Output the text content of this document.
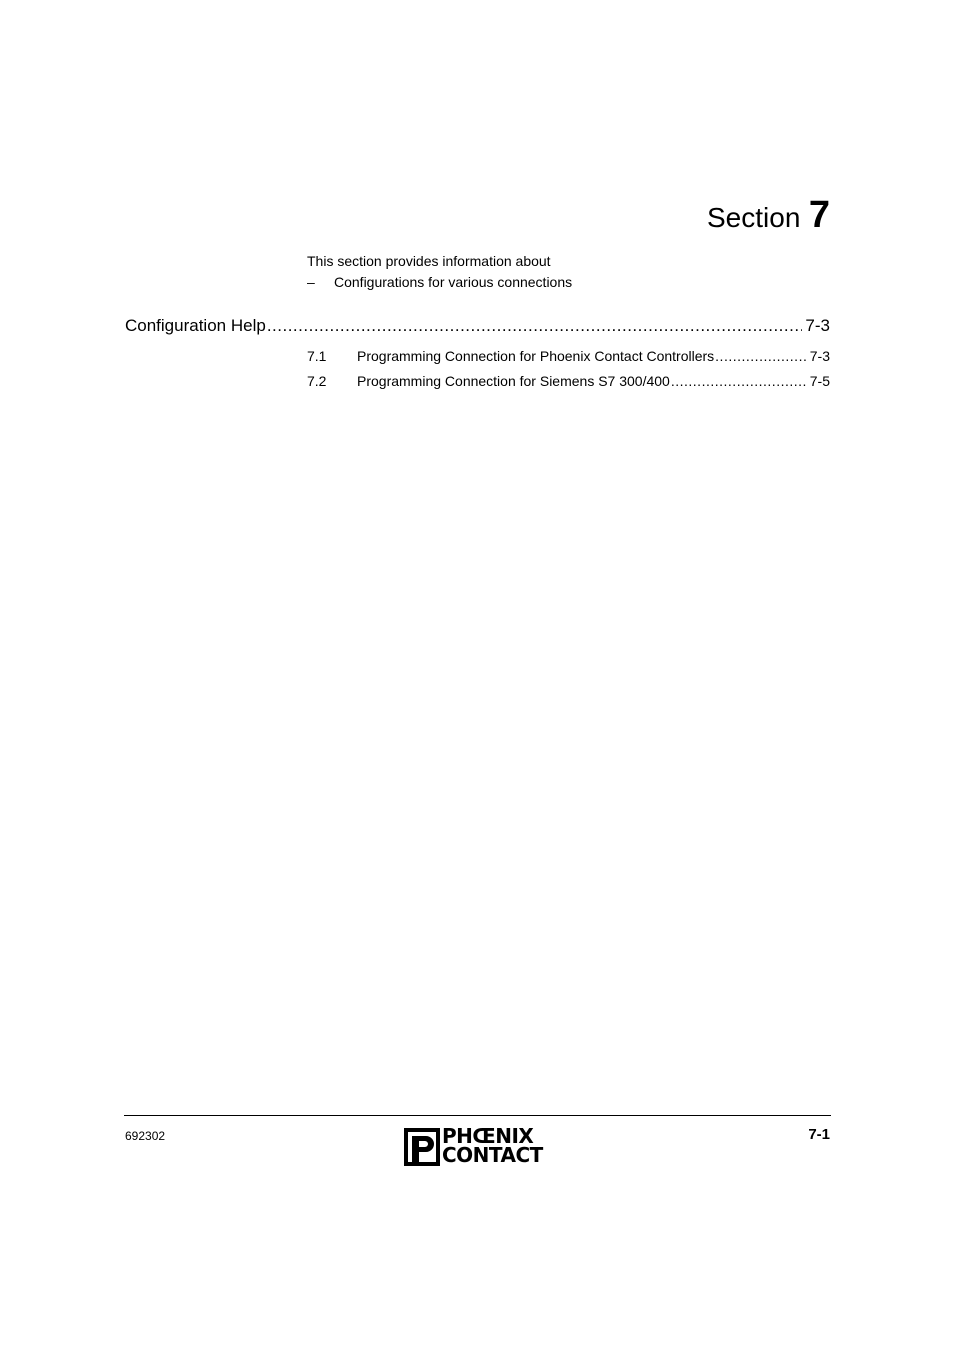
Section 7
This section provides information about
– Configurations for various connections
Configuration Help .....	7-3
7.1	Programming Connection for Phoenix Contact Controllers .....	7-3
7.2	Programming Connection for Siemens S7 300/400 .....	7-5
692302	PHŒNIX
CONTACT
7-1
